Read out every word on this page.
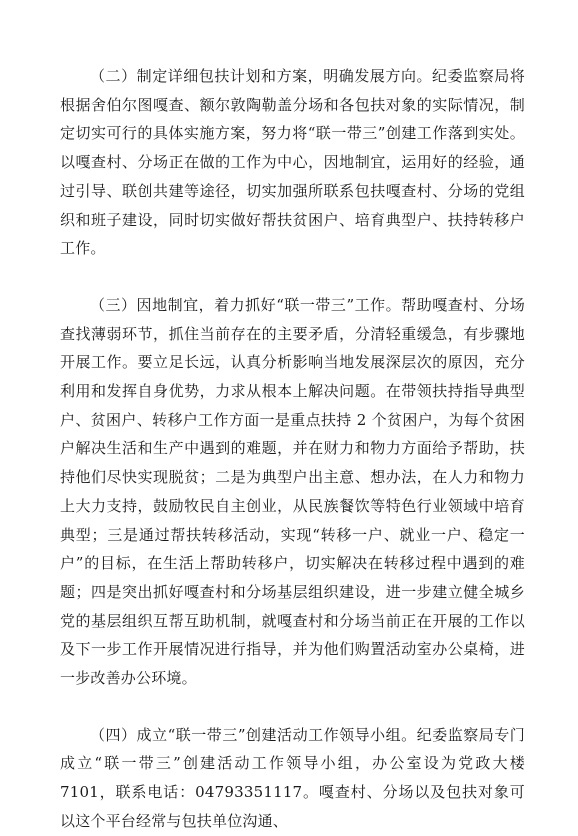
（二）制定详细包扶计划和方案，明确发展方向。纪委监察局将根据舍伯尔图嘎查、额尔敦陶勒盖分场和各包扶对象的实际情况，制定切实可行的具体实施方案，努力将“联一带三”创建工作落到实处。以嘎查村、分场正在做的工作为中心，因地制宜，运用好的经验，通过引导、联创共建等途径，切实加强所联系包扶嘎查村、分场的党组织和班子建设，同时切实做好帮扶贫困户、培育典型户、扶持转移户工作。

（三）因地制宜，着力抓好“联一带三”工作。帮助嘎查村、分场查找薄弱环节，抓住当前存在的主要矛盾，分清轻重缓急，有步骤地开展工作。要立足长远，认真分析影响当地发展深层次的原因，充分利用和发挥自身优势，力求从根本上解决问题。在带领扶持指导典型户、贫困户、转移户工作方面一是重点扶持 2 个贫困户，为每个贫困户解决生活和生产中遇到的难题，并在财力和物力方面给予帮助，扶持他们尽快实现脱贫；二是为典型户出主意、想办法，在人力和物力上大力支持，鼓励牧民自主创业，从民族餐饮等特色行业领域中培育典型；三是通过帮扶转移活动，实现“转移一户、就业一户、稳定一户”的目标，在生活上帮助转移户，切实解决在转移过程中遇到的难题；四是突出抓好嘎查村和分场基层组织建设，进一步建立健全城乡党的基层组织互帮互助机制，就嘎查村和分场当前正在开展的工作以及下一步工作开展情况进行指导，并为他们购置活动室办公桌椅，进一步改善办公环境。

（四）成立“联一带三”创建活动工作领导小组。纪委监察局专门成立“联一带三”创建活动工作领导小组，办公室设为党政大楼 7101，联系电话：04793351117。嘎查村、分场以及包扶对象可以这个平台经常与包扶单位沟通、
